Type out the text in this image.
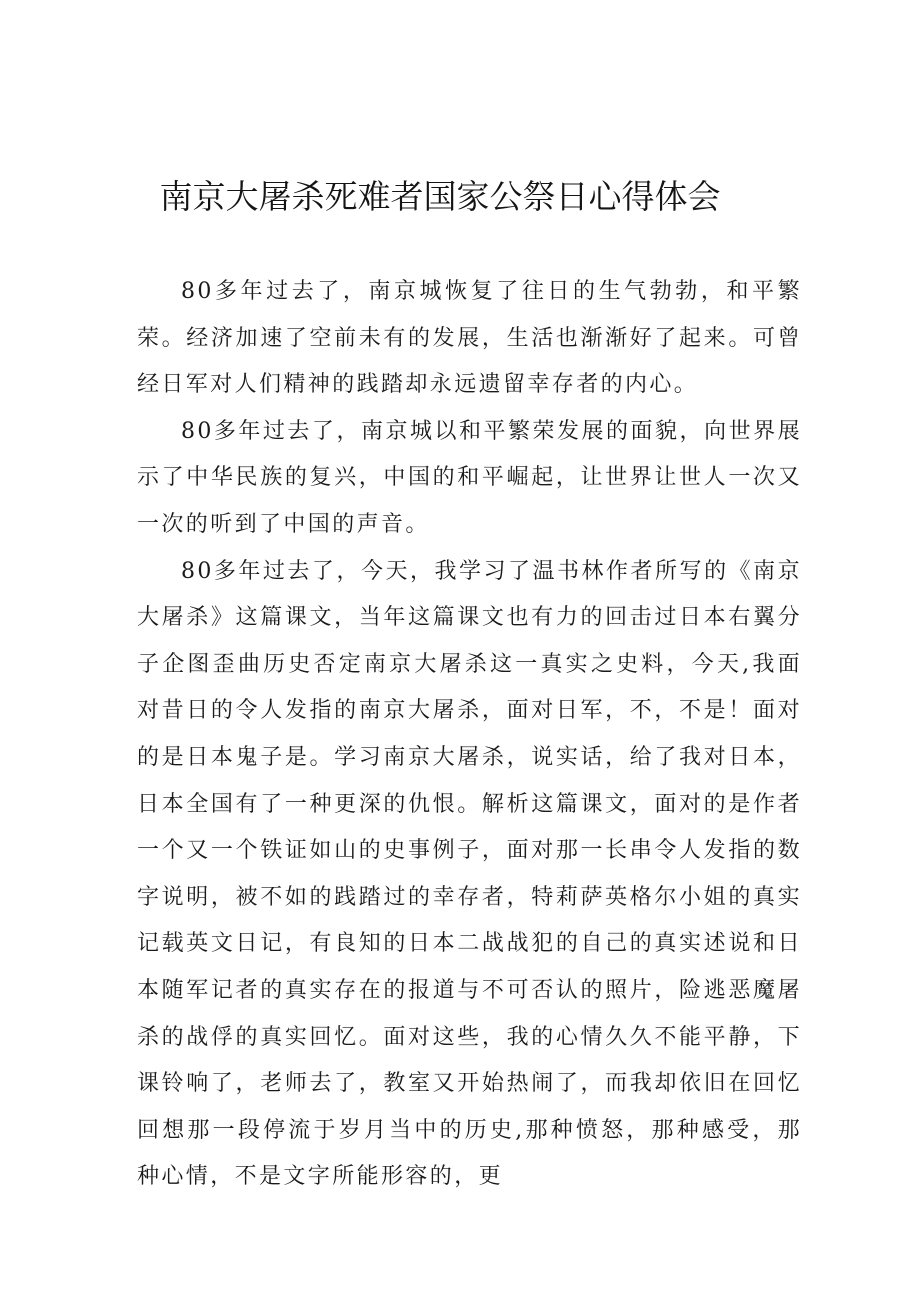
南京大屠杀死难者国家公祭日心得体会

80多年过去了，南京城恢复了往日的生气勃勃，和平繁荣。经济加速了空前未有的发展，生活也渐渐好了起来。可曾经日军对人们精神的践踏却永远遗留幸存者的内心。

80多年过去了，南京城以和平繁荣发展的面貌，向世界展示了中华民族的复兴，中国的和平崛起，让世界让世人一次又一次的听到了中国的声音。

80多年过去了，今天，我学习了温书林作者所写的《南京大屠杀》这篇课文，当年这篇课文也有力的回击过日本右翼分子企图歪曲历史否定南京大屠杀这一真实之史料，今天,我面对昔日的令人发指的南京大屠杀，面对日军，不，不是！面对的是日本鬼子是。学习南京大屠杀，说实话，给了我对日本，日本全国有了一种更深的仇恨。解析这篇课文，面对的是作者一个又一个铁证如山的史事例子，面对那一长串令人发指的数字说明，被不如的践踏过的幸存者，特莉萨英格尔小姐的真实记载英文日记，有良知的日本二战战犯的自己的真实述说和日本随军记者的真实存在的报道与不可否认的照片，险逃恶魔屠杀的战俘的真实回忆。面对这些，我的心情久久不能平静，下课铃响了，老师去了，教室又开始热闹了，而我却依旧在回忆回想那一段停流于岁月当中的历史,那种愤怒，那种感受，那种心情，不是文字所能形容的，更
